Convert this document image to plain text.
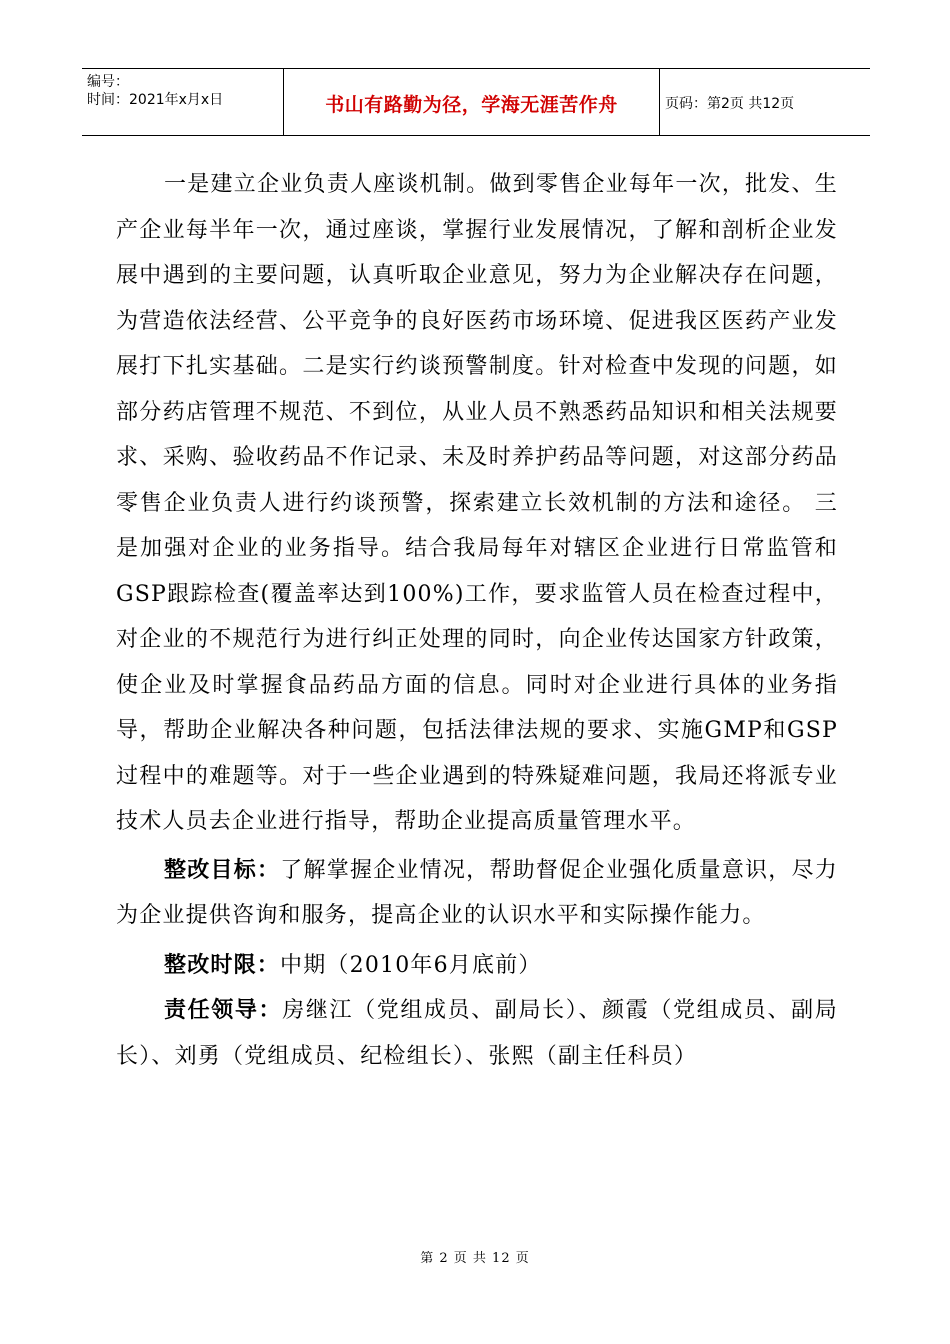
编号：
时间：2021年x月x日	书山有路勤为径，学海无涯苦作舟	页码：第2页 共12页

一是建立企业负责人座谈机制。做到零售企业每年一次，批发、生产企业每半年一次，通过座谈，掌握行业发展情况，了解和剖析企业发展中遇到的主要问题，认真听取企业意见，努力为企业解决存在问题，为营造依法经营、公平竞争的良好医药市场环境、促进我区医药产业发展打下扎实基础。二是实行约谈预警制度。针对检查中发现的问题，如部分药店管理不规范、不到位，从业人员不熟悉药品知识和相关法规要求、采购、验收药品不作记录、未及时养护药品等问题，对这部分药品零售企业负责人进行约谈预警，探索建立长效机制的方法和途径。 三是加强对企业的业务指导。结合我局每年对辖区企业进行日常监管和GSP跟踪检查(覆盖率达到100%)工作，要求监管人员在检查过程中，对企业的不规范行为进行纠正处理的同时，向企业传达国家方针政策，使企业及时掌握食品药品方面的信息。同时对企业进行具体的业务指导，帮助企业解决各种问题，包括法律法规的要求、实施GMP和GSP过程中的难题等。对于一些企业遇到的特殊疑难问题，我局还将派专业技术人员去企业进行指导，帮助企业提高质量管理水平。

整改目标：了解掌握企业情况，帮助督促企业强化质量意识，尽力为企业提供咨询和服务，提高企业的认识水平和实际操作能力。

整改时限：中期（2010年6月底前）

责任领导：房继江（党组成员、副局长）、颜霞（党组成员、副局长）、刘勇（党组成员、纪检组长）、张熙（副主任科员）

第 2 页 共 12 页
